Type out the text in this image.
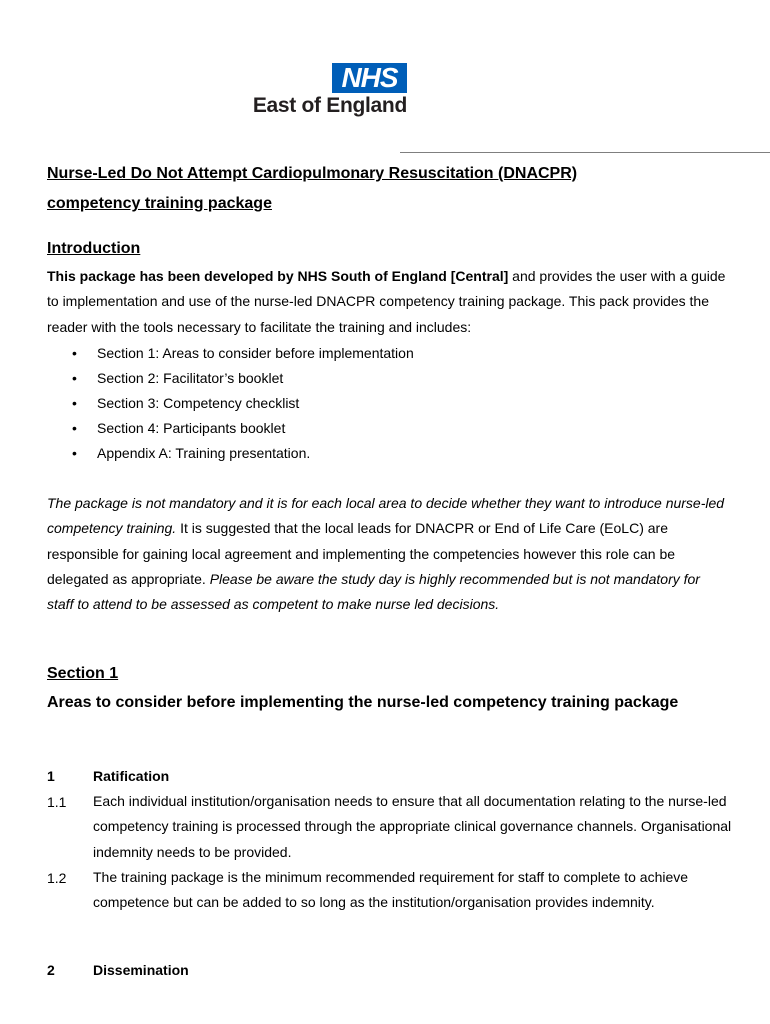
NHS
East of England
Nurse-Led Do Not Attempt Cardiopulmonary Resuscitation (DNACPR)
competency training package
Introduction
This package has been developed by NHS South of England [Central] and provides the user with a guide to implementation and use of the nurse-led DNACPR competency training package. This pack provides the reader with the tools necessary to facilitate the training and includes:
• Section 1: Areas to consider before implementation
• Section 2: Facilitator’s booklet
• Section 3: Competency checklist
• Section 4: Participants booklet
• Appendix A: Training presentation.
The package is not mandatory and it is for each local area to decide whether they want to introduce nurse-led competency training. It is suggested that the local leads for DNACPR or End of Life Care (EoLC) are responsible for gaining local agreement and implementing the competencies however this role can be delegated as appropriate. Please be aware the study day is highly recommended but is not mandatory for staff to attend to be assessed as competent to make nurse led decisions.
Section 1
Areas to consider before implementing the nurse-led competency training package
1	Ratification
1.1 Each individual institution/organisation needs to ensure that all documentation relating to the nurse-led competency training is processed through the appropriate clinical governance channels. Organisational indemnity needs to be provided.
1.2 The training package is the minimum recommended requirement for staff to complete to achieve competence but can be added to so long as the institution/organisation provides indemnity.
2	Dissemination
